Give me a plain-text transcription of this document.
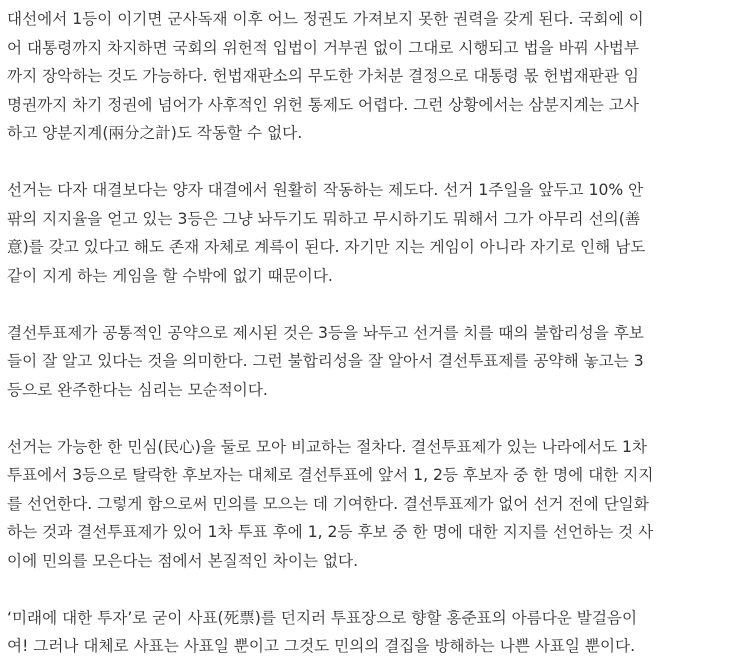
대선에서 1등이 이기면 군사독재 이후 어느 정권도 가져보지 못한 권력을 갖게 된다. 국회에 이
어 대통령까지 차지하면 국회의 위헌적 입법이 거부권 없이 그대로 시행되고 법을 바꿔 사법부
까지 장악하는 것도 가능하다. 헌법재판소의 무도한 가처분 결정으로 대통령 몫 헌법재판관 임
명권까지 차기 정권에 넘어가 사후적인 위헌 통제도 어렵다. 그런 상황에서는 삼분지계는 고사
하고 양분지계(兩分之計)도 작동할 수 없다.
선거는 다자 대결보다는 양자 대결에서 원활히 작동하는 제도다. 선거 1주일을 앞두고 10% 안
팎의 지지율을 얻고 있는 3등은 그냥 놔두기도 뭐하고 무시하기도 뭐해서 그가 아무리 선의(善
意)를 갖고 있다고 해도 존재 자체로 계륵이 된다. 자기만 지는 게임이 아니라 자기로 인해 남도
같이 지게 하는 게임을 할 수밖에 없기 때문이다.
결선투표제가 공통적인 공약으로 제시된 것은 3등을 놔두고 선거를 치를 때의 불합리성을 후보
들이 잘 알고 있다는 것을 의미한다. 그런 불합리성을 잘 알아서 결선투표제를 공약해 놓고는 3
등으로 완주한다는 심리는 모순적이다.
선거는 가능한 한 민심(民心)을 둘로 모아 비교하는 절차다. 결선투표제가 있는 나라에서도 1차
투표에서 3등으로 탈락한 후보자는 대체로 결선투표에 앞서 1, 2등 후보자 중 한 명에 대한 지지
를 선언한다. 그렇게 함으로써 민의를 모으는 데 기여한다. 결선투표제가 없어 선거 전에 단일화
하는 것과 결선투표제가 있어 1차 투표 후에 1, 2등 후보 중 한 명에 대한 지지를 선언하는 것 사
이에 민의를 모은다는 점에서 본질적인 차이는 없다.
‘미래에 대한 투자’로 굳이 사표(死票)를 던지러 투표장으로 향할 홍준표의 아름다운 발걸음이
여! 그러나 대체로 사표는 사표일 뿐이고 그것도 민의의 결집을 방해하는 나쁜 사표일 뿐이다.
